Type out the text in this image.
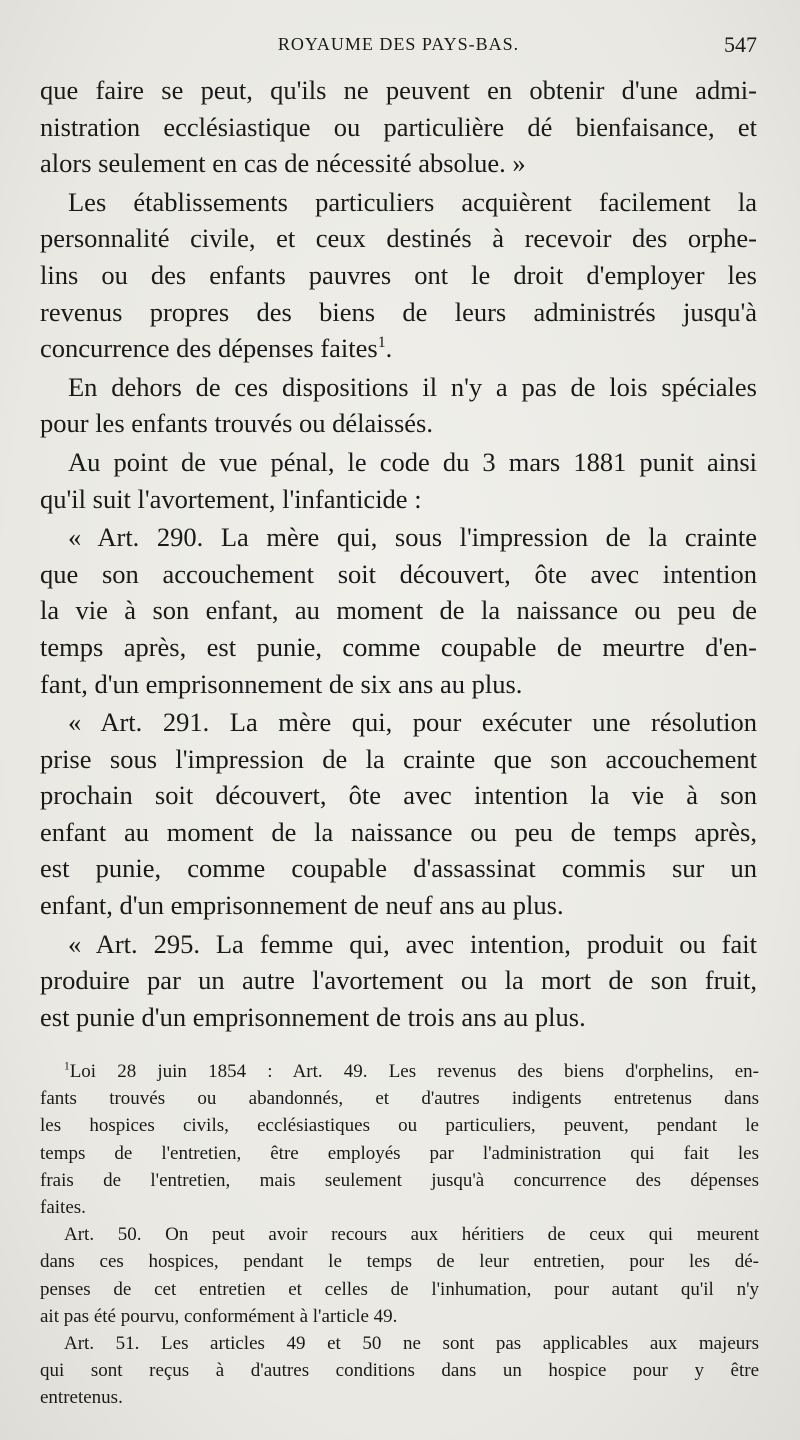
ROYAUME DES PAYS-BAS.	547

que faire se peut, qu'ils ne peuvent en obtenir d'une admi-

nistration ecclésiastique ou particulière dé bienfaisance, et

alors seulement en cas de nécessité absolue. »

Les établissements particuliers acquièrent facilement la

personnalité civile, et ceux destinés à recevoir des orphe-

lins ou des enfants pauvres ont le droit d'employer les

revenus propres des biens de leurs administrés jusqu'à

concurrence des dépenses faites$^1$.

En dehors de ces dispositions il n'y a pas de lois spéciales

pour les enfants trouvés ou délaissés.

Au point de vue pénal, le code du 3 mars 1881 punit ainsi

qu'il suit l'avortement, l'infanticide :

« Art. 290. La mère qui, sous l'impression de la crainte

que son accouchement soit découvert, ôte avec intention

la vie à son enfant, au moment de la naissance ou peu de

temps après, est punie, comme coupable de meurtre d'en-

fant, d'un emprisonnement de six ans au plus.

« Art. 291. La mère qui, pour exécuter une résolution

prise sous l'impression de la crainte que son accouchement

prochain soit découvert, ôte avec intention la vie à son

enfant au moment de la naissance ou peu de temps après,

est punie, comme coupable d'assassinat commis sur un

enfant, d'un emprisonnement de neuf ans au plus.

« Art. 295. La femme qui, avec intention, produit ou fait

produire par un autre l'avortement ou la mort de son fruit,

est punie d'un emprisonnement de trois ans au plus.

$^1$Loi 28 juin 1854 : Art. 49. Les revenus des biens d'orphelins, en-

fants trouvés ou abandonnés, et d'autres indigents entretenus dans

les hospices civils, ecclésiastiques ou particuliers, peuvent, pendant le

temps de l'entretien, être employés par l'administration qui fait les

frais de l'entretien, mais seulement jusqu'à concurrence des dépenses

faites.

Art. 50. On peut avoir recours aux héritiers de ceux qui meurent

dans ces hospices, pendant le temps de leur entretien, pour les dé-

penses de cet entretien et celles de l'inhumation, pour autant qu'il n'y

ait pas été pourvu, conformément à l'article 49.

Art. 51. Les articles 49 et 50 ne sont pas applicables aux majeurs

qui sont reçus à d'autres conditions dans un hospice pour y être

entretenus.
